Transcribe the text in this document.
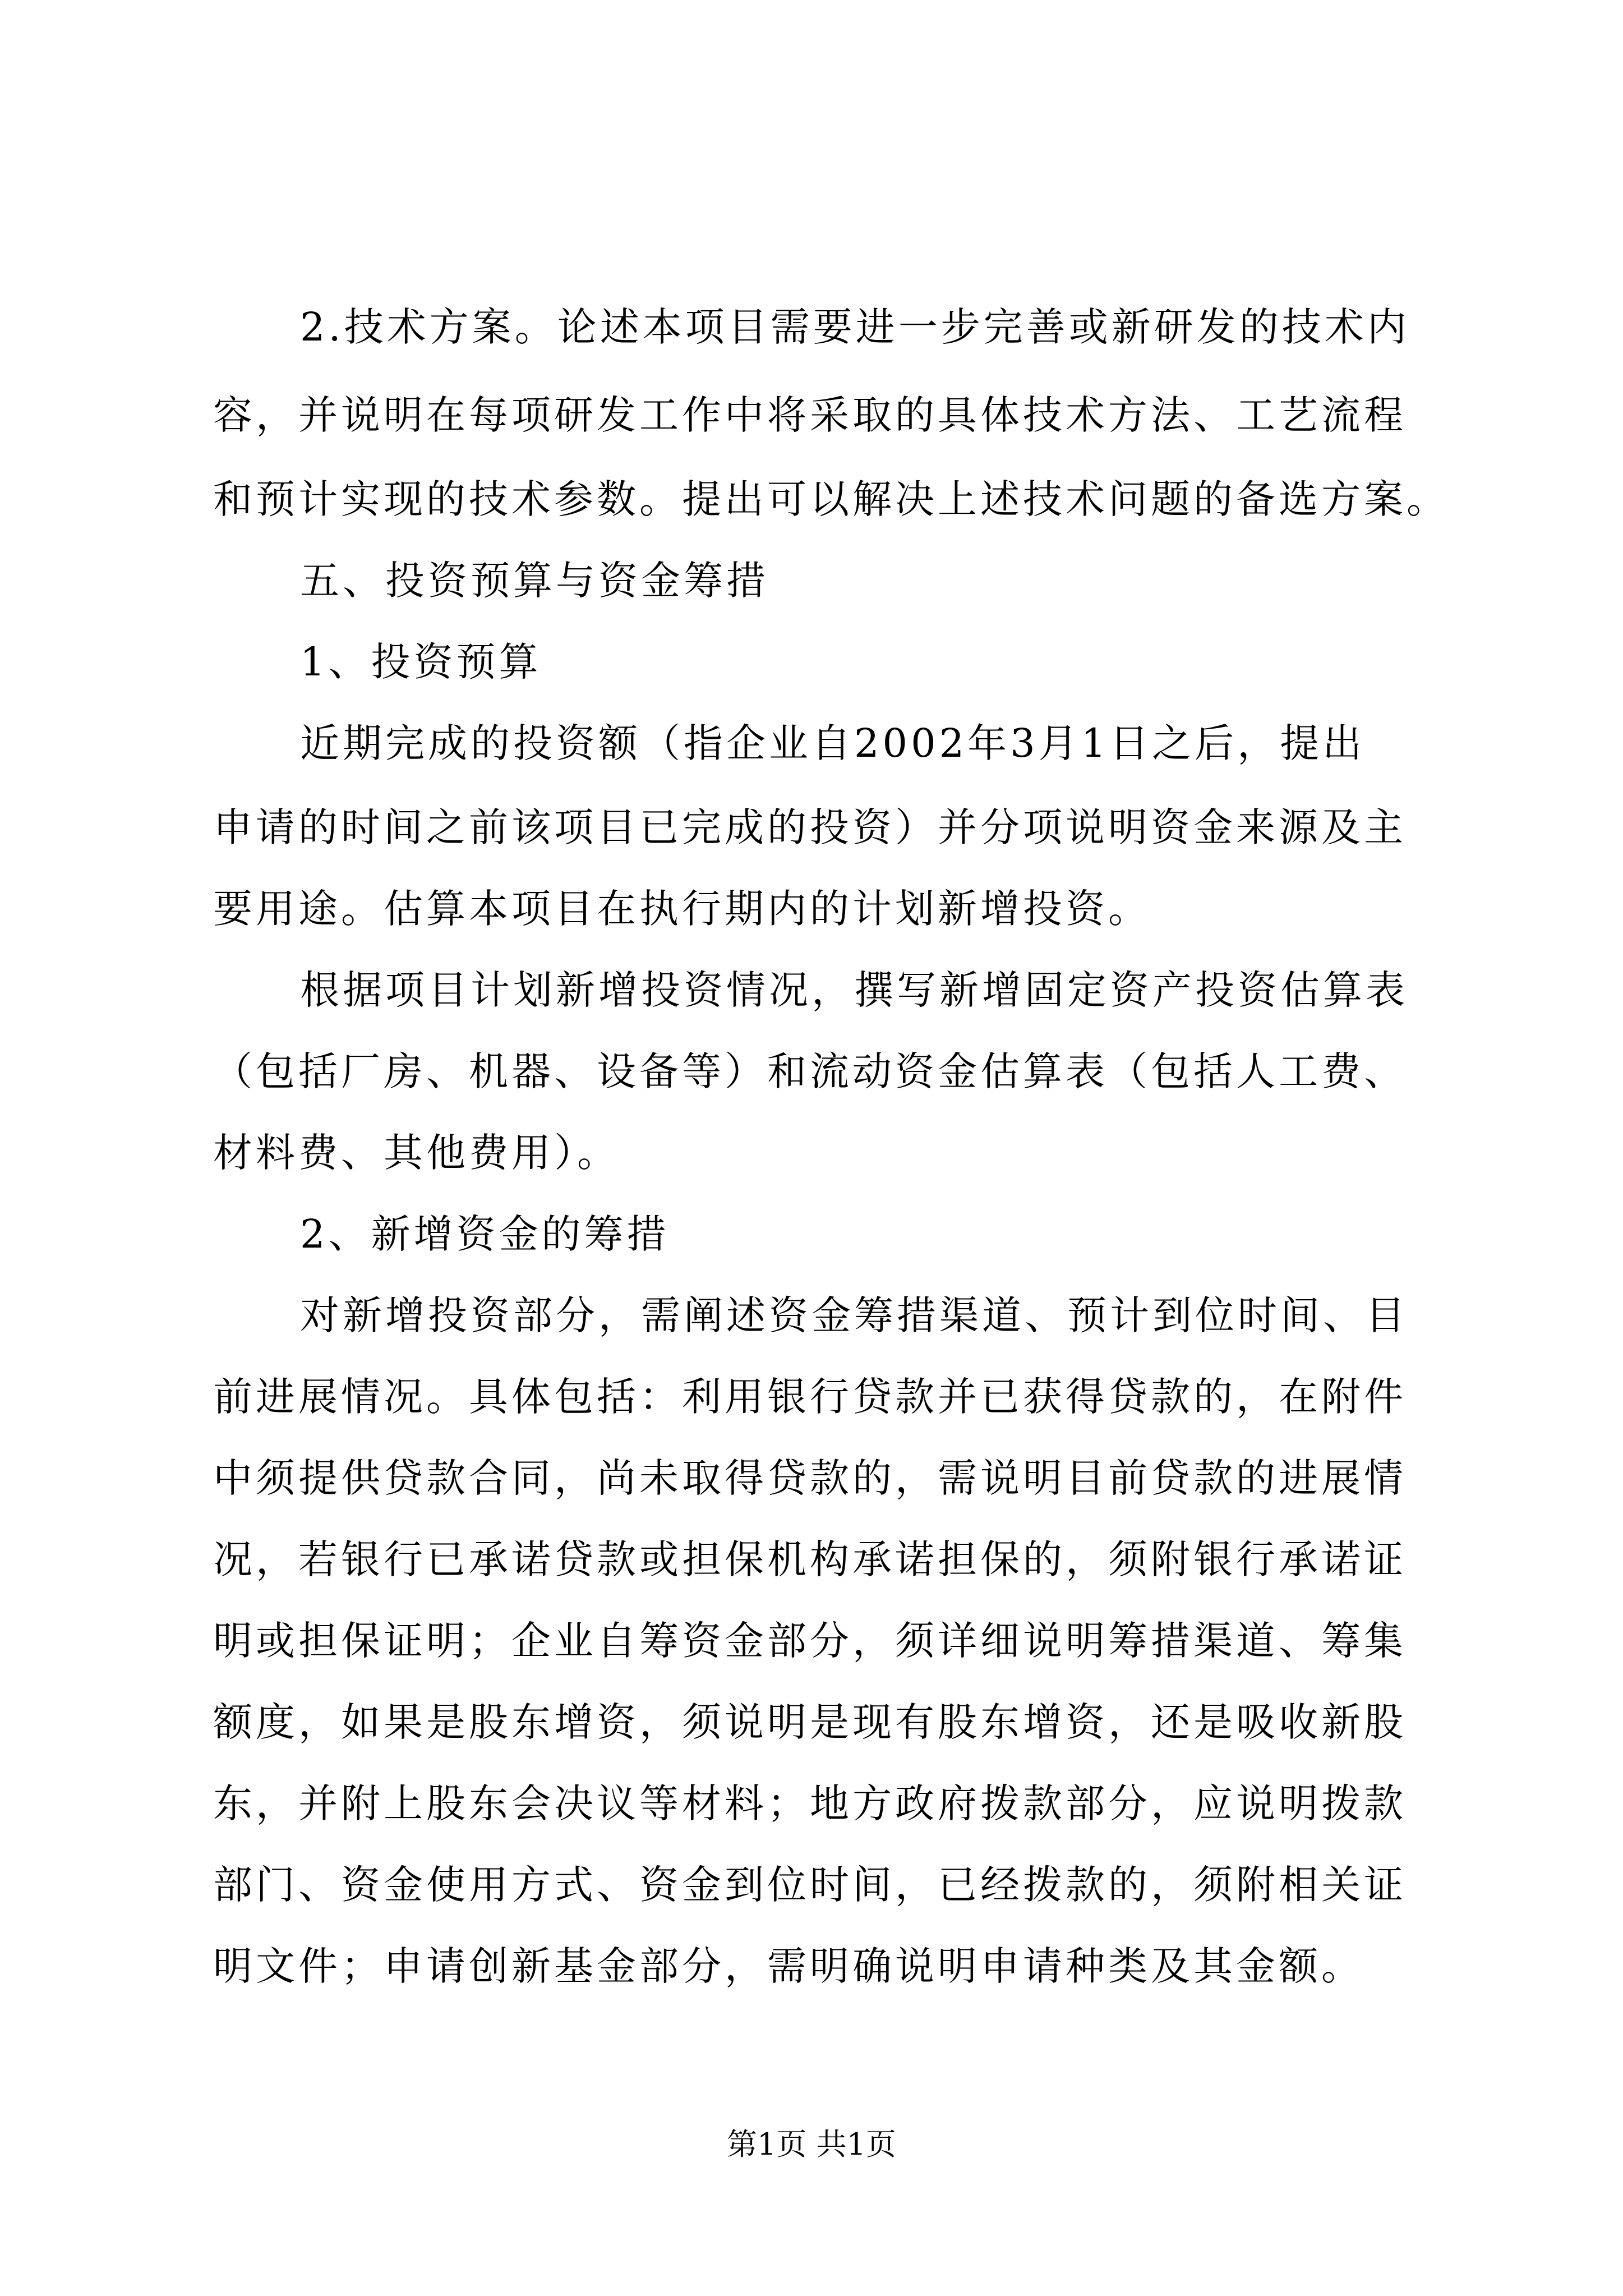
2.技术方案。论述本项目需要进一步完善或新研发的技术内
容，并说明在每项研发工作中将采取的具体技术方法、工艺流程
和预计实现的技术参数。提出可以解决上述技术问题的备选方案。
五、投资预算与资金筹措
1、投资预算
近期完成的投资额（指企业自2002年3月1日之后，提出
申请的时间之前该项目已完成的投资）并分项说明资金来源及主
要用途。估算本项目在执行期内的计划新增投资。
根据项目计划新增投资情况，撰写新增固定资产投资估算表
（包括厂房、机器、设备等）和流动资金估算表（包括人工费、
材料费、其他费用）。
2、新增资金的筹措
对新增投资部分，需阐述资金筹措渠道、预计到位时间、目
前进展情况。具体包括：利用银行贷款并已获得贷款的，在附件
中须提供贷款合同，尚未取得贷款的，需说明目前贷款的进展情
况，若银行已承诺贷款或担保机构承诺担保的，须附银行承诺证
明或担保证明；企业自筹资金部分，须详细说明筹措渠道、筹集
额度，如果是股东增资，须说明是现有股东增资，还是吸收新股
东，并附上股东会决议等材料；地方政府拨款部分，应说明拨款
部门、资金使用方式、资金到位时间，已经拨款的，须附相关证
明文件；申请创新基金部分，需明确说明申请种类及其金额。
第1页 共1页
